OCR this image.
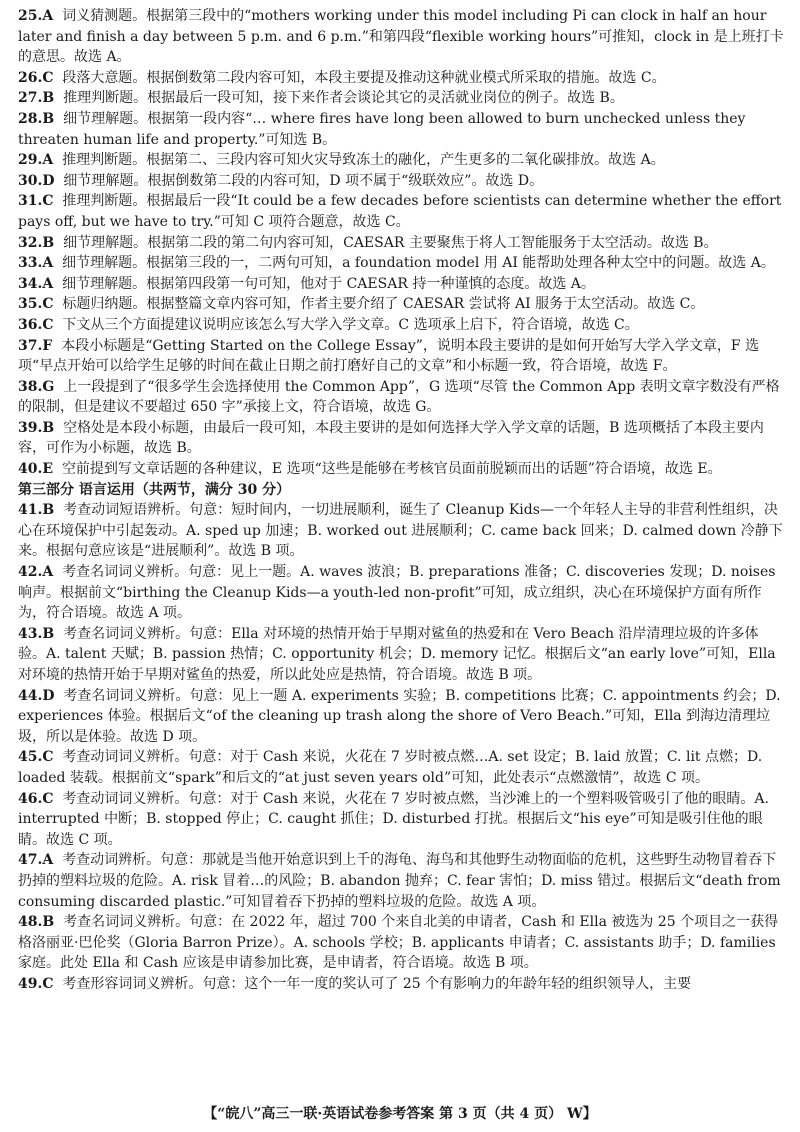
25.A 词义猜测题。根据第三段中的“mothers working under this model including Pi can clock in half an hour later and finish a day between 5 p.m. and 6 p.m.”和第四段“flexible working hours”可推知，clock in 是上班打卡的意思。故选 A。

26.C 段落大意题。根据倒数第二段内容可知，本段主要提及推动这种就业模式所采取的措施。故选 C。

27.B 推理判断题。根据最后一段可知，接下来作者会谈论其它的灵活就业岗位的例子。故选 B。

28.B 细节理解题。根据第一段内容“… where fires have long been allowed to burn unchecked unless they threaten human life and property.”可知选 B。

29.A 推理判断题。根据第二、三段内容可知火灾导致冻土的融化，产生更多的二氧化碳排放。故选 A。

30.D 细节理解题。根据倒数第二段的内容可知，D 项不属于“级联效应”。故选 D。

31.C 推理判断题。根据最后一段“It could be a few decades before scientists can determine whether the effort pays off, but we have to try.”可知 C 项符合题意，故选 C。

32.B 细节理解题。根据第二段的第二句内容可知，CAESAR 主要聚焦于将人工智能服务于太空活动。故选 B。

33.A 细节理解题。根据第三段的一，二两句可知，a foundation model 用 AI 能帮助处理各种太空中的问题。故选 A。

34.A 细节理解题。根据第四段第一句可知，他对于 CAESAR 持一种谨慎的态度。故选 A。

35.C 标题归纳题。根据整篇文章内容可知，作者主要介绍了 CAESAR 尝试将 AI 服务于太空活动。故选 C。

36.C 下文从三个方面提建议说明应该怎么写大学入学文章。C 选项承上启下，符合语境，故选 C。

37.F 本段小标题是“Getting Started on the College Essay”，说明本段主要讲的是如何开始写大学入学文章，F 选项“早点开始可以给学生足够的时间在截止日期之前打磨好自己的文章”和小标题一致，符合语境，故选 F。

38.G 上一段提到了“很多学生会选择使用 the Common App”，G 选项“尽管 the Common App 表明文章字数没有严格的限制，但是建议不要超过 650 字”承接上文，符合语境，故选 G。

39.B 空格处是本段小标题，由最后一段可知，本段主要讲的是如何选择大学入学文章的话题，B 选项概括了本段主要内容，可作为小标题，故选 B。

40.E 空前提到写文章话题的各种建议，E 选项“这些是能够在考核官员面前脱颖而出的话题”符合语境，故选 E。

第三部分 语言运用（共两节，满分 30 分）

41.B 考查动词短语辨析。句意：短时间内，一切进展顺利，诞生了 Cleanup Kids—一个年轻人主导的非营利性组织，决心在环境保护中引起轰动。A. sped up 加速；B. worked out 进展顺利；C. came back 回来；D. calmed down 冷静下来。根据句意应该是“进展顺利”。故选 B 项。

42.A 考查名词词义辨析。句意：见上一题。A. waves 波浪；B. preparations 准备；C. discoveries 发现；D. noises 响声。根据前文“birthing the Cleanup Kids—a youth-led non-profit”可知，成立组织，决心在环境保护方面有所作为，符合语境。故选 A 项。

43.B 考查名词词义辨析。句意：Ella 对环境的热情开始于早期对鲨鱼的热爱和在 Vero Beach 沿岸清理垃圾的许多体验。A. talent 天赋；B. passion 热情；C. opportunity 机会；D. memory 记忆。根据后文“an early love”可知，Ella 对环境的热情开始于早期对鲨鱼的热爱，所以此处应是热情，符合语境。故选 B 项。

44.D 考查名词词义辨析。句意：见上一题 A. experiments 实验；B. competitions 比赛；C. appointments 约会；D. experiences 体验。根据后文“of the cleaning up trash along the shore of Vero Beach.”可知，Ella 到海边清理垃圾，所以是体验。故选 D 项。

45.C 考查动词词义辨析。句意：对于 Cash 来说，火花在 7 岁时被点燃…A. set 设定；B. laid 放置；C. lit 点燃；D. loaded 装载。根据前文“spark”和后文的“at just seven years old”可知，此处表示“点燃激情”，故选 C 项。

46.C 考查动词词义辨析。句意：对于 Cash 来说，火花在 7 岁时被点燃，当沙滩上的一个塑料吸管吸引了他的眼睛。A. interrupted 中断；B. stopped 停止；C. caught 抓住；D. disturbed 打扰。根据后文“his eye”可知是吸引住他的眼睛。故选 C 项。

47.A 考查动词辨析。句意：那就是当他开始意识到上千的海龟、海鸟和其他野生动物面临的危机，这些野生动物冒着吞下扔掉的塑料垃圾的危险。A. risk 冒着…的风险；B. abandon 抛弃；C. fear 害怕；D. miss 错过。根据后文“death from consuming discarded plastic.”可知冒着吞下扔掉的塑料垃圾的危险。故选 A 项。

48.B 考查名词词义辨析。句意：在 2022 年，超过 700 个来自北美的申请者，Cash 和 Ella 被选为 25 个项目之一获得格洛丽亚·巴伦奖（Gloria Barron Prize）。A. schools 学校；B. applicants 申请者；C. assistants 助手；D. families 家庭。此处 Ella 和 Cash 应该是申请参加比赛，是申请者，符合语境。故选 B 项。

49.C 考查形容词词义辨析。句意：这个一年一度的奖认可了 25 个有影响力的年龄年轻的组织领导人，主要

【“皖八”高三一联·英语试卷参考答案 第 3 页（共 4 页） W】
